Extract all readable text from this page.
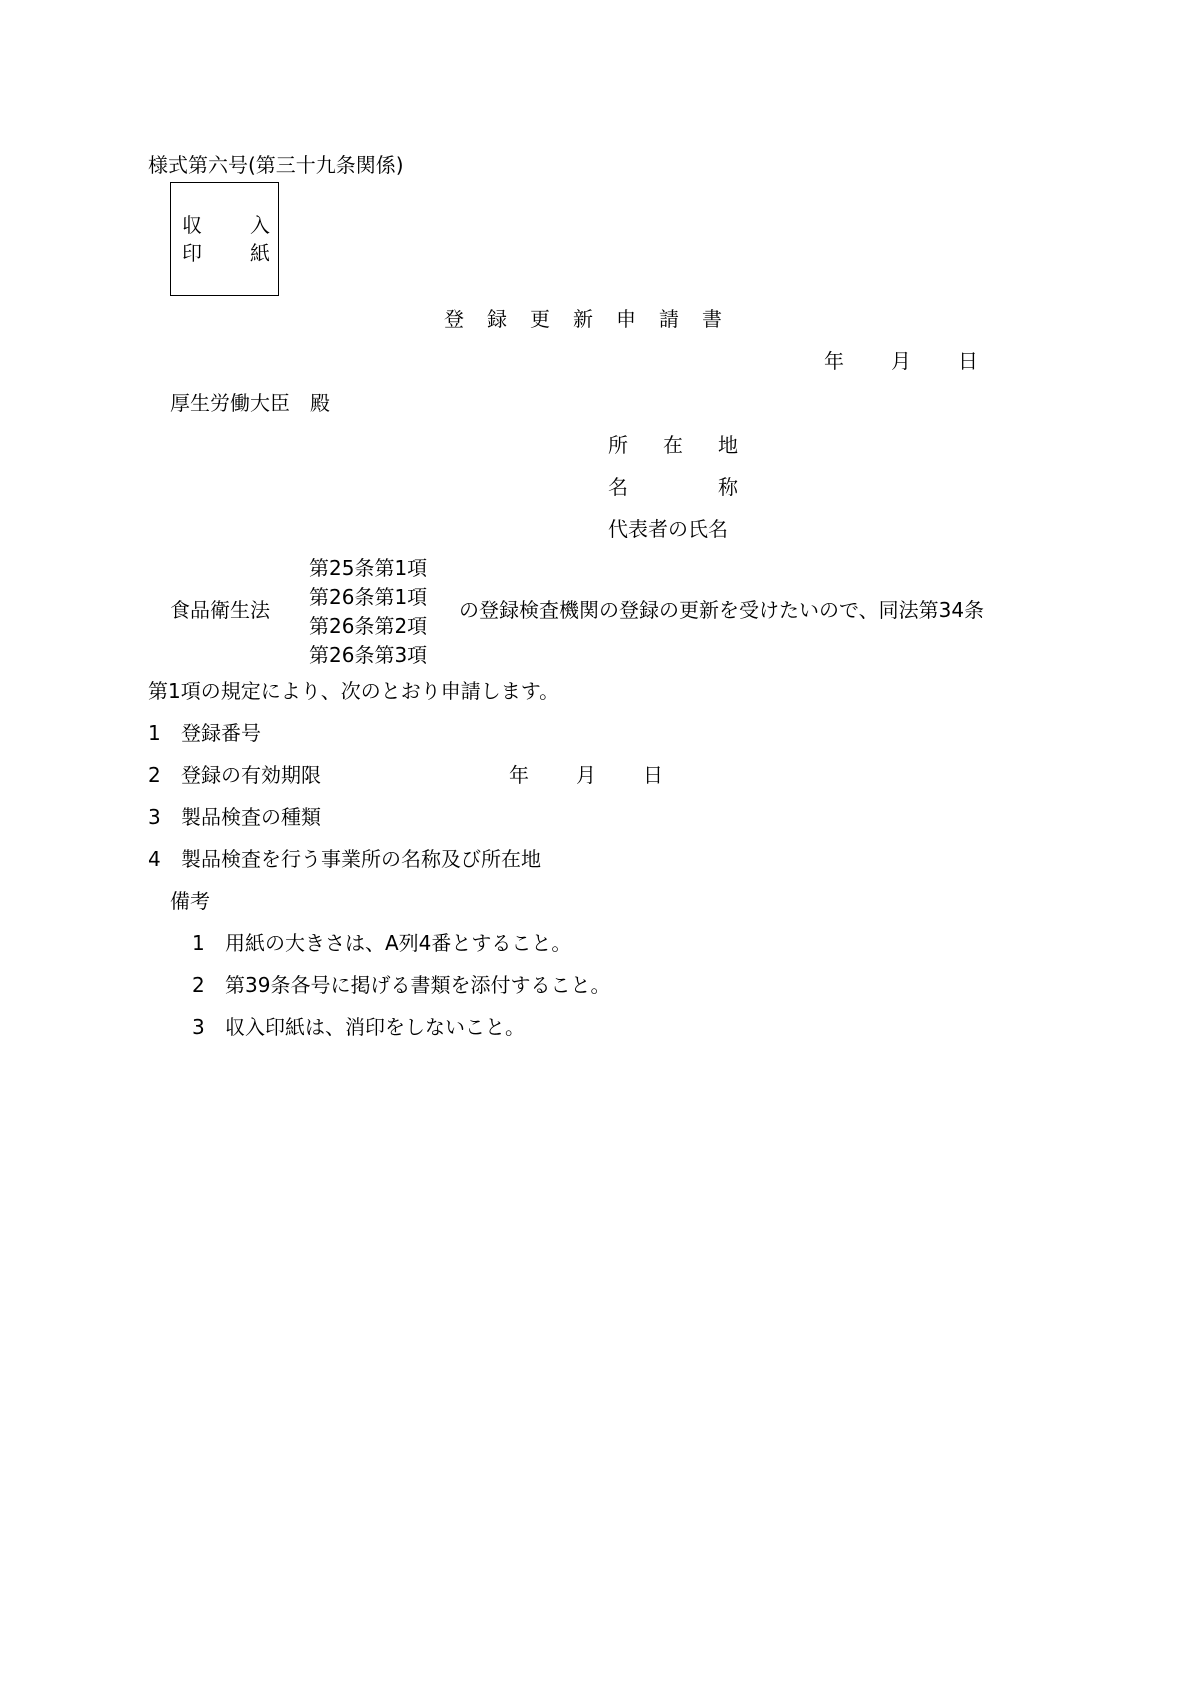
様式第六号(第三十九条関係)
収 入
印 紙
登 録 更 新 申 請 書
年 月 日
厚生労働大臣　殿
所 在 地
名	称
代表者の氏名
食品衛生法
第25条第1項
第26条第1項
第26条第2項
第26条第3項
の登録検査機関の登録の更新を受けたいので、同法第34条
第1項の規定により、次のとおり申請します。
1 登録番号
2 登録の有効期限	年 月 日
3 製品検査の種類
4 製品検査を行う事業所の名称及び所在地
備考
1 用紙の大きさは、A列4番とすること。
2 第39条各号に掲げる書類を添付すること。
3 収入印紙は、消印をしないこと。
